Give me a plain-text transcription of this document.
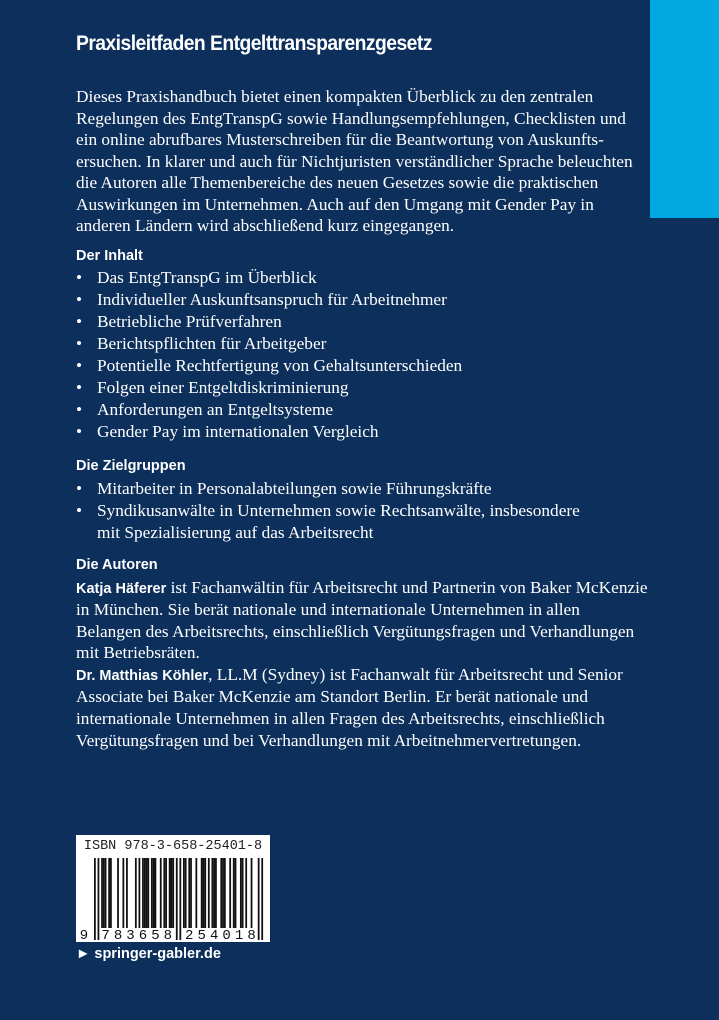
Praxisleitfaden Entgelttransparenzgesetz
Dieses Praxishandbuch bietet einen kompakten Überblick zu den zentralen
Regelungen des EntgTranspG sowie Handlungsempfehlungen, Checklisten und
ein online abrufbares Musterschreiben für die Beantwortung von Auskunfts-
ersuchen. In klarer und auch für Nichtjuristen verständlicher Sprache beleuchten
die Autoren alle Themenbereiche des neuen Gesetzes sowie die praktischen
Auswirkungen im Unternehmen. Auch auf den Umgang mit Gender Pay in
anderen Ländern wird abschließend kurz eingegangen.
Der Inhalt
• Das EntgTranspG im Überblick
• Individueller Auskunftsanspruch für Arbeitnehmer
• Betriebliche Prüfverfahren
• Berichtspflichten für Arbeitgeber
• Potentielle Rechtfertigung von Gehaltsunterschieden
• Folgen einer Entgeltdiskriminierung
• Anforderungen an Entgeltsysteme
• Gender Pay im internationalen Vergleich
Die Zielgruppen
• Mitarbeiter in Personalabteilungen sowie Führungskräfte
• Syndikusanwälte in Unternehmen sowie Rechtsanwälte, insbesondere
mit Spezialisierung auf das Arbeitsrecht
Die Autoren
Katja Häferer ist Fachanwältin für Arbeitsrecht und Partnerin von Baker McKenzie
in München. Sie berät nationale und internationale Unternehmen in allen
Belangen des Arbeitsrechts, einschließlich Vergütungsfragen und Verhandlungen
mit Betriebsräten.
Dr. Matthias Köhler, LL.M (Sydney) ist Fachanwalt für Arbeitsrecht und Senior
Associate bei Baker McKenzie am Standort Berlin. Er berät nationale und
internationale Unternehmen in allen Fragen des Arbeitsrechts, einschließlich
Vergütungsfragen und bei Verhandlungen mit Arbeitnehmervertretungen.
ISBN 978-3-658-25401-8
9 7 8 3 6 5 8 2 5 4 0 1 8
► springer-gabler.de
